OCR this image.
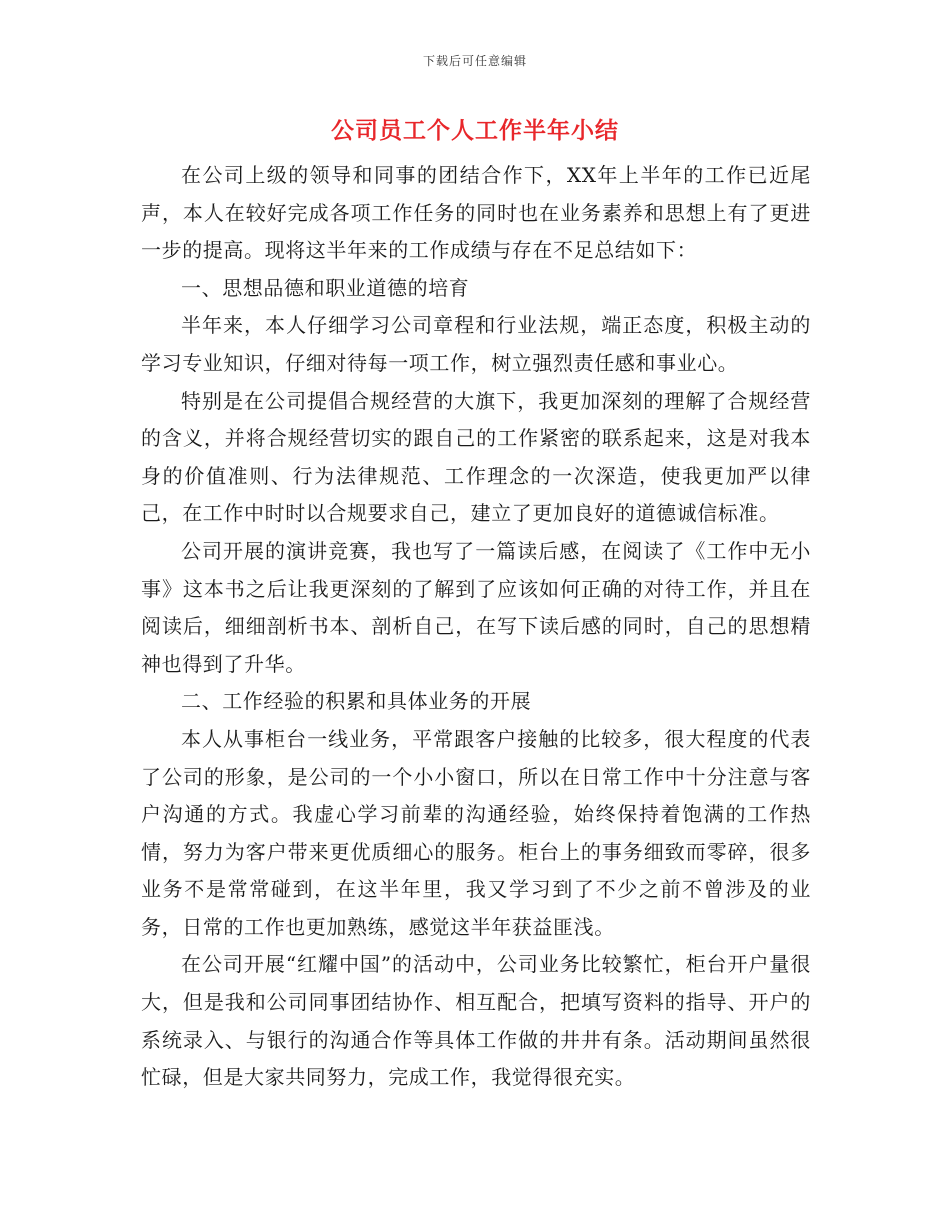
下载后可任意编辑
公司员工个人工作半年小结

在公司上级的领导和同事的团结合作下，XX年上半年的工作已近尾声，本人在较好完成各项工作任务的同时也在业务素养和思想上有了更进一步的提高。现将这半年来的工作成绩与存在不足总结如下：

一、思想品德和职业道德的培育

半年来，本人仔细学习公司章程和行业法规，端正态度，积极主动的学习专业知识，仔细对待每一项工作，树立强烈责任感和事业心。

特别是在公司提倡合规经营的大旗下，我更加深刻的理解了合规经营的含义，并将合规经营切实的跟自己的工作紧密的联系起来，这是对我本身的价值准则、行为法律规范、工作理念的一次深造，使我更加严以律己，在工作中时时以合规要求自己，建立了更加良好的道德诚信标准。

公司开展的演讲竞赛，我也写了一篇读后感，在阅读了《工作中无小事》这本书之后让我更深刻的了解到了应该如何正确的对待工作，并且在阅读后，细细剖析书本、剖析自己，在写下读后感的同时，自己的思想精神也得到了升华。

二、工作经验的积累和具体业务的开展

本人从事柜台一线业务，平常跟客户接触的比较多，很大程度的代表了公司的形象，是公司的一个小小窗口，所以在日常工作中十分注意与客户沟通的方式。我虚心学习前辈的沟通经验，始终保持着饱满的工作热情，努力为客户带来更优质细心的服务。柜台上的事务细致而零碎，很多业务不是常常碰到，在这半年里，我又学习到了不少之前不曾涉及的业务，日常的工作也更加熟练，感觉这半年获益匪浅。

在公司开展“红耀中国”的活动中，公司业务比较繁忙，柜台开户量很大，但是我和公司同事团结协作、相互配合，把填写资料的指导、开户的系统录入、与银行的沟通合作等具体工作做的井井有条。活动期间虽然很忙碌，但是大家共同努力，完成工作，我觉得很充实。
